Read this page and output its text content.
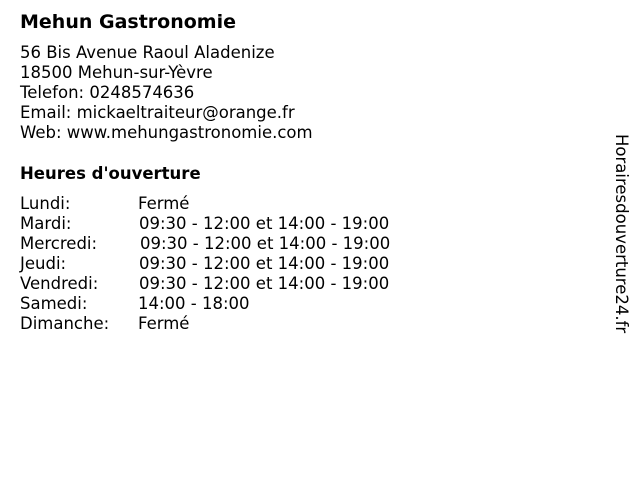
Mehun Gastronomie
56 Bis Avenue Raoul Aladenize
18500 Mehun-sur-Yèvre
Telefon: 0248574636
Email: mickaeltraiteur@orange.fr
Web: www.mehungastronomie.com
Heures d'ouverture
Lundi:	Fermé
Mardi:	09:30 - 12:00 et 14:00 - 19:00
Mercredi:	09:30 - 12:00 et 14:00 - 19:00
Jeudi:	09:30 - 12:00 et 14:00 - 19:00
Vendredi: 09:30 - 12:00 et 14:00 - 19:00
Samedi:	14:00 - 18:00
Dimanche: Fermé	Horairesdouverture24.fr
